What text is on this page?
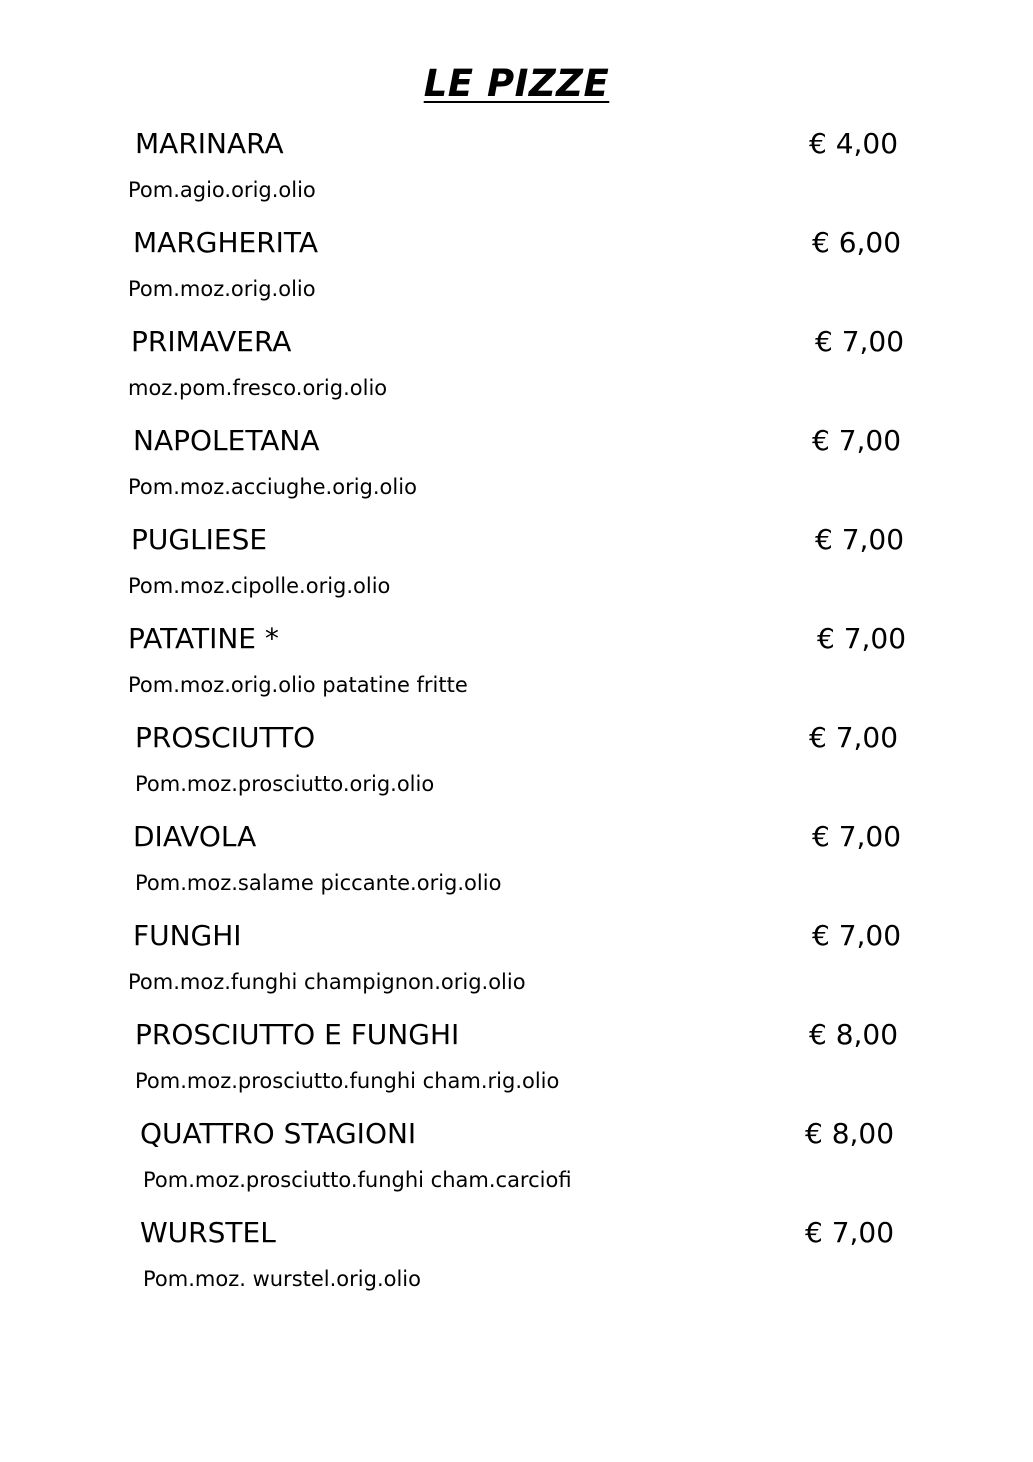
LE PIZZE
MARINARA	€ 4,00
Pom.agio.orig.olio
MARGHERITA	€ 6,00
Pom.moz.orig.olio
PRIMAVERA	€ 7,00
moz.pom.fresco.orig.olio
NAPOLETANA	€ 7,00
Pom.moz.acciughe.orig.olio
PUGLIESE	€ 7,00
Pom.moz.cipolle.orig.olio
PATATINE *	€ 7,00
Pom.moz.orig.olio patatine fritte
PROSCIUTTO	€ 7,00
Pom.moz.prosciutto.orig.olio
DIAVOLA	€ 7,00
Pom.moz.salame piccante.orig.olio
FUNGHI	€ 7,00
Pom.moz.funghi champignon.orig.olio
PROSCIUTTO E FUNGHI	€ 8,00
Pom.moz.prosciutto.funghi cham.rig.olio
QUATTRO STAGIONI	€ 8,00
Pom.moz.prosciutto.funghi cham.carciofi
WURSTEL	€ 7,00
Pom.moz. wurstel.orig.olio
